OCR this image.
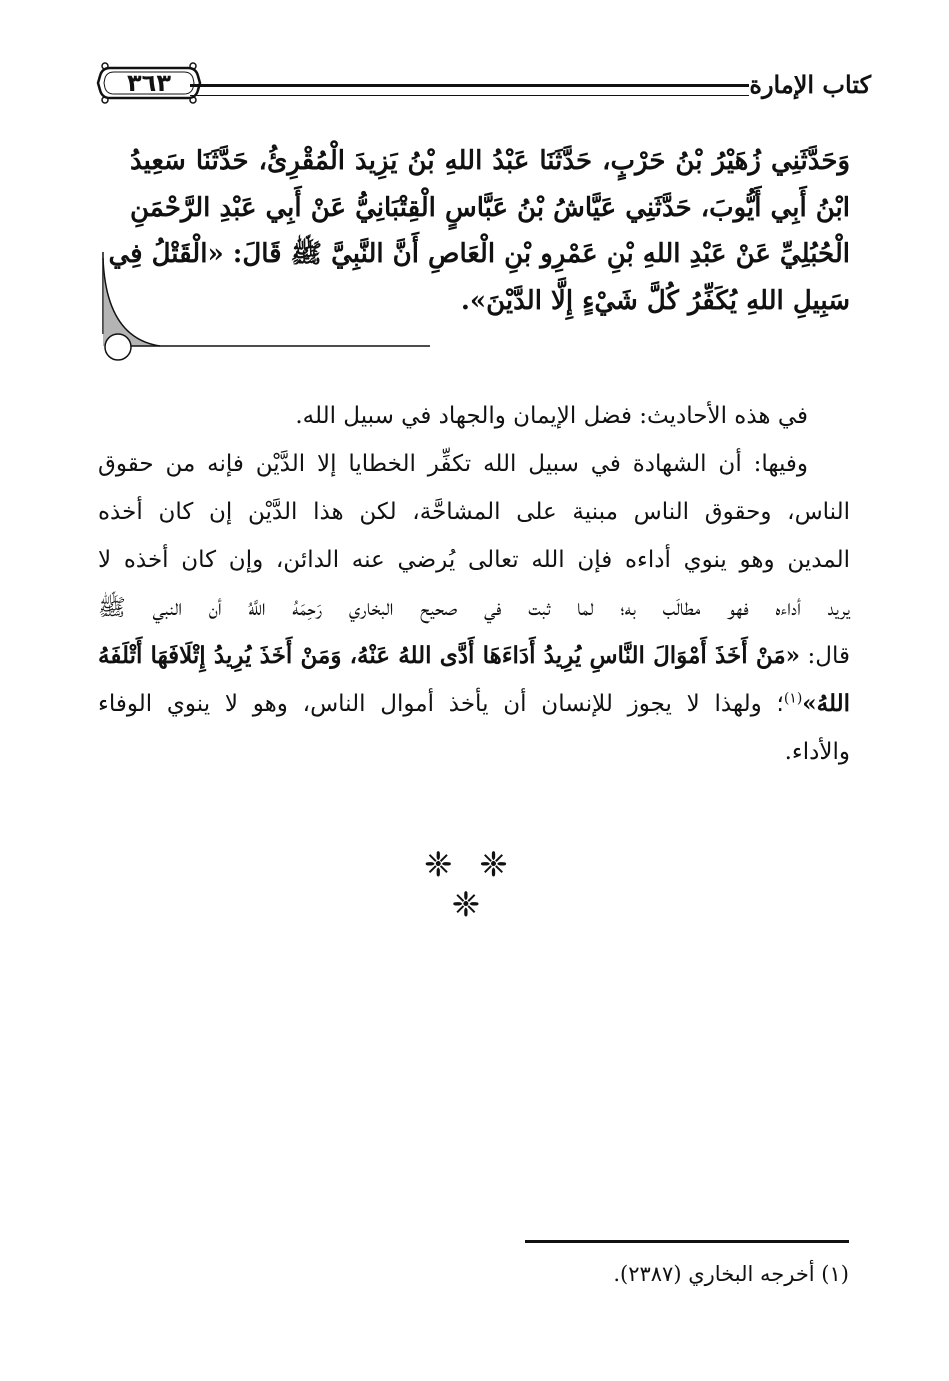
كتاب الإمارة
٣٦٣
وَحَدَّثَنِي زُهَيْرُ بْنُ حَرْبٍ، حَدَّثَنَا عَبْدُ اللهِ بْنُ يَزِيدَ الْمُقْرِئُ، حَدَّثَنَا سَعِيدُ
ابْنُ أَبِي أَيُّوبَ، حَدَّثَنِي عَيَّاشُ بْنُ عَبَّاسٍ الْقِتْبَانِيُّ عَنْ أَبِي عَبْدِ الرَّحْمَنِ
الْحُبُلِيِّ عَنْ عَبْدِ اللهِ بْنِ عَمْرِو بْنِ الْعَاصِ أَنَّ النَّبِيَّ ﷺ قَالَ: «الْقَتْلُ فِي
سَبِيلِ اللهِ يُكَفِّرُ كُلَّ شَيْءٍ إِلَّا الدَّيْنَ».
في هذه الأحاديث: فضل الإيمان والجهاد في سبيل الله.
وفيها: أن الشهادة في سبيل الله تكفِّر الخطايا إلا الدَّيْن فإنه من حقوق
الناس، وحقوق الناس مبنية على المشاحَّة، لكن هذا الدَّيْن إن كان أخذه
المدين وهو ينوي أداءه فإن الله تعالى يُرضي عنه الدائن، وإن كان أخذه لا
يريد أداءه فهو مطالَب به؛ لما ثبت في صحيح البخاري رَحِمَهُ اللَّهُ أن النبي ﷺ
قال: «مَنْ أَخَذَ أَمْوَالَ النَّاسِ يُرِيدُ أَدَاءَهَا أَدَّى اللهُ عَنْهُ، وَمَنْ أَخَذَ يُرِيدُ إِتْلَافَهَا أَتْلَفَهُ
اللهُ»$^{(١)}$؛ ولهذا لا يجوز للإنسان أن يأخذ أموال الناس، وهو لا ينوي الوفاء
والأداء.
❈ ❈ ❈
(١) أخرجه البخاري (٢٣٨٧).
